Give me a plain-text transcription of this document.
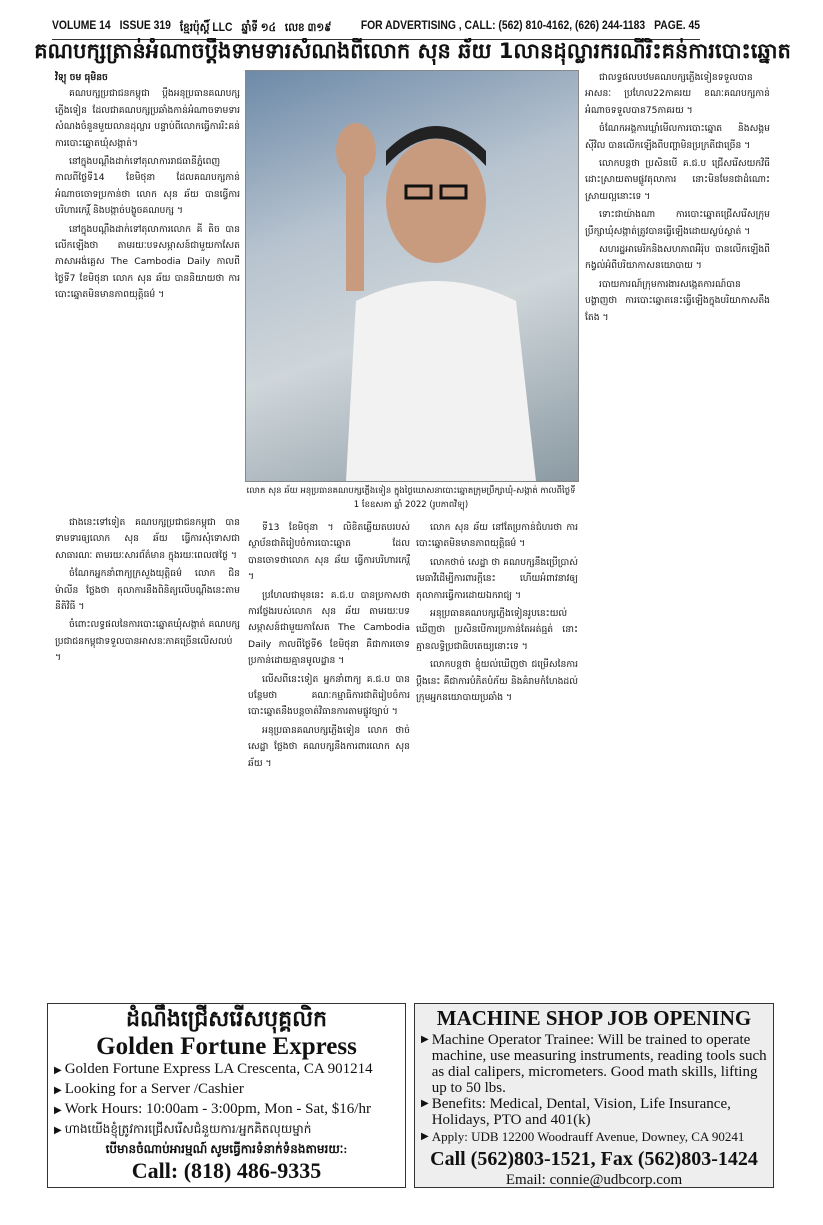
VOLUME 14 ISSUE 319 ខ្មែរប៉ុស្តិ៍ LLC ឆ្នាំទី ១៤ លេខ ៣១៩	FOR ADVERTISING , CALL: (562) 810-4162, (626) 244-1183 PAGE. 45
គណបក្សត្រាន់អំណាចប្ដឹងទាមទារសំណងពីលោក សុន ឆ័យ 1លានដុល្លារករណីរិះគន់ការបោះឆ្នោត
វិទ្យុ ចម ធុមិនច

គណបក្សប្រជាជនកម្ពុជា ប្ដឹងអនុប្រធានគណបក្សភ្លើងទៀន ដែលជាគណបក្សប្រឆាំងកាន់អំណាចទាមទារសំណងចំនួនមួយលានដុល្លារ បន្ទាប់ពីលោកធ្វើការរិះគន់ការបោះឆ្នោតឃុំសង្កាត់។

នៅក្នុងបណ្ដឹងដាក់ទៅតុលាការរាជធានីភ្នំពេញ កាលពីថ្ងៃទី14 ខែមិថុនា ដែលគណបក្សកាន់អំណាចចោទប្រកាន់ថា លោក សុន ឆ័យ បានធ្វើការបរិហារកេរ្តិ៍ និងបង្កាច់បង្ខូចគណបក្ស ។

នៅក្នុងបណ្ដឹងដាក់ទៅតុលាការលោក គី តិច បានលើកឡើងថា តាមរយៈបទសម្ភាសន៍ជាមួយកាសែតភាសាអង់គ្លេស The Cambodia Daily កាលពីថ្ងៃទី7 ខែមិថុនា លោក សុន ឆ័យ បាននិយាយថា ការបោះឆ្នោតមិនមានភាពយុត្តិធម៌ ។

ជាងនេះទៅទៀត គណបក្សប្រជាជនកម្ពុជា បានទាមទារឲ្យលោក សុន ឆ័យ ធ្វើការសុំទោសជាសាធារណៈ តាមរយៈសារព័ត៌មាន ក្នុងរយៈពេល៧ថ្ងៃ ។

ចំណែកអ្នកនាំពាក្យក្រសួងយុត្តិធម៌ លោក ជិន ម៉ាលីន ថ្លែងថា តុលាការនឹងពិនិត្យលើបណ្ដឹងនេះតាមនីតិវិធី ។

ចំពោះលទ្ធផលនៃការបោះឆ្នោតឃុំសង្កាត់ គណបក្សប្រជាជនកម្ពុជាទទួលបានអាសនៈភាគច្រើនលើសលប់ ។

លោក សុន ឆ័យ អនុប្រធានគណបក្សភ្លើងទៀន ក្នុងថ្ងៃឃោសនាបោះឆ្នោតក្រុមប្រឹក្សាឃុំ-សង្កាត់ កាលពីថ្ងៃទី 1 ខែឧសភា ឆ្នាំ 2022 (រូបភាពវិទ្យុ)

ទី13 ខែមិថុនា ។ លិខិតឆ្លើយតបរបស់ស្ថាប័នជាតិរៀបចំការបោះឆ្នោត ដែលបានចោទថាលោក សុន ឆ័យ ធ្វើការបរិហារកេរ្តិ៍ ។

ប្រហែលជាមុននេះ គ.ជ.ប បានប្រកាសថា ការថ្លែងរបស់លោក សុន ឆ័យ តាមរយៈបទសម្ភាសន៍ជាមួយកាសែត The Cambodia Daily កាលពីថ្ងៃទី6 ខែមិថុនា គឺជាការចោទប្រកាន់ដោយគ្មានមូលដ្ឋាន ។

លើសពីនេះទៀត អ្នកនាំពាក្យ គ.ជ.ប បានបន្ថែមថា គណៈកម្មាធិការជាតិរៀបចំការបោះឆ្នោតនឹងបន្តចាត់វិធានការតាមផ្លូវច្បាប់ ។

អនុប្រធានគណបក្សភ្លើងទៀន លោក ថាច់ សេដ្ឋា ថ្លែងថា គណបក្សនឹងការពារលោក សុន ឆ័យ ។

លោក សុន ឆ័យ នៅតែប្រកាន់ជំហរថា ការបោះឆ្នោតមិនមានភាពយុត្តិធម៌ ។

លោកថាច់ សេដ្ឋា ថា គណបក្សនឹងប្រើប្រាស់មេធាវីដើម្បីការពារក្ដីនេះ ហើយអំពាវនាវឲ្យតុលាការធ្វើការដោយឯករាជ្យ ។

អនុប្រធានគណបក្សភ្លើងទៀនរូបនេះយល់ឃើញថា ប្រសិនបើការប្រកាន់តែអត់ធ្មត់ នោះគ្មានលទ្ធិប្រជាធិបតេយ្យនោះទេ ។

លោកបន្ដថា ខ្ញុំយល់ឃើញថា ជម្រើសនៃការប្ដឹងនេះ គឺជាការបំភិតបំភ័យ និងគំរាមកំហែងដល់ក្រុមអ្នកនយោបាយប្រឆាំង ។

ជាលទ្ធផលបឋមគណបក្សភ្លើងទៀនទទួលបានអាសនៈ ប្រហែល22ភាគរយ ខណៈគណបក្សកាន់អំណាចទទួលបាន75ភាគរយ ។

ចំណែកអង្គការឃ្លាំមើលការបោះឆ្នោត និងសង្គមស៊ីវិល បានលើកឡើងពីបញ្ហាមិនប្រក្រតីជាច្រើន ។

លោកបន្តថា ប្រសិនបើ គ.ជ.ប ជ្រើសរើសយកវិធីដោះស្រាយតាមផ្លូវតុលាការ នោះមិនមែនជាដំណោះស្រាយល្អនោះទេ ។

ទោះជាយ៉ាងណា ការបោះឆ្នោតជ្រើសរើសក្រុមប្រឹក្សាឃុំសង្កាត់ត្រូវបានធ្វើឡើងដោយស្ងប់ស្ងាត់ ។

សហរដ្ឋអាមេរិកនិងសហភាពអឺរ៉ុប បានលើកឡើងពីកង្វល់អំពីបរិយាកាសនយោបាយ ។

របាយការណ៍ក្រុមការងារសង្កេតការណ៍បានបង្ហាញថា ការបោះឆ្នោតនេះធ្វើឡើងក្នុងបរិយាកាសតឹងតែង ។

ដំណឹងជ្រើសរើសបុគ្គលិក
Golden Fortune Express
▶ Golden Fortune Express LA Crescenta, CA 901214
▶ Looking for a Server /Cashier
▶ Work Hours: 10:00am - 3:00pm, Mon - Sat, $16/hr
▶ ហាងយើងខ្ញុំត្រូវការជ្រើសរើសជំនួយការ/អ្នកគិតលុយម្នាក់
បើមានចំណាប់អារម្មណ៍ សូមធ្វើការទំនាក់ទំនងតាមរយៈ:
Call: (818) 486-9335
MACHINE SHOP JOB OPENING
▶ Machine Operator Trainee: Will be trained to operate machine, use measuring instruments, reading tools such as dial calipers, micrometers. Good math skills, lifting up to 50 lbs.
▶ Benefits: Medical, Dental, Vision, Life Insurance, Holidays, PTO and 401(k)
▶ Apply: UDB 12200 Woodrauff Avenue, Downey, CA 90241
Call (562)803-1521, Fax (562)803-1424
Email: connie@udbcorp.com
